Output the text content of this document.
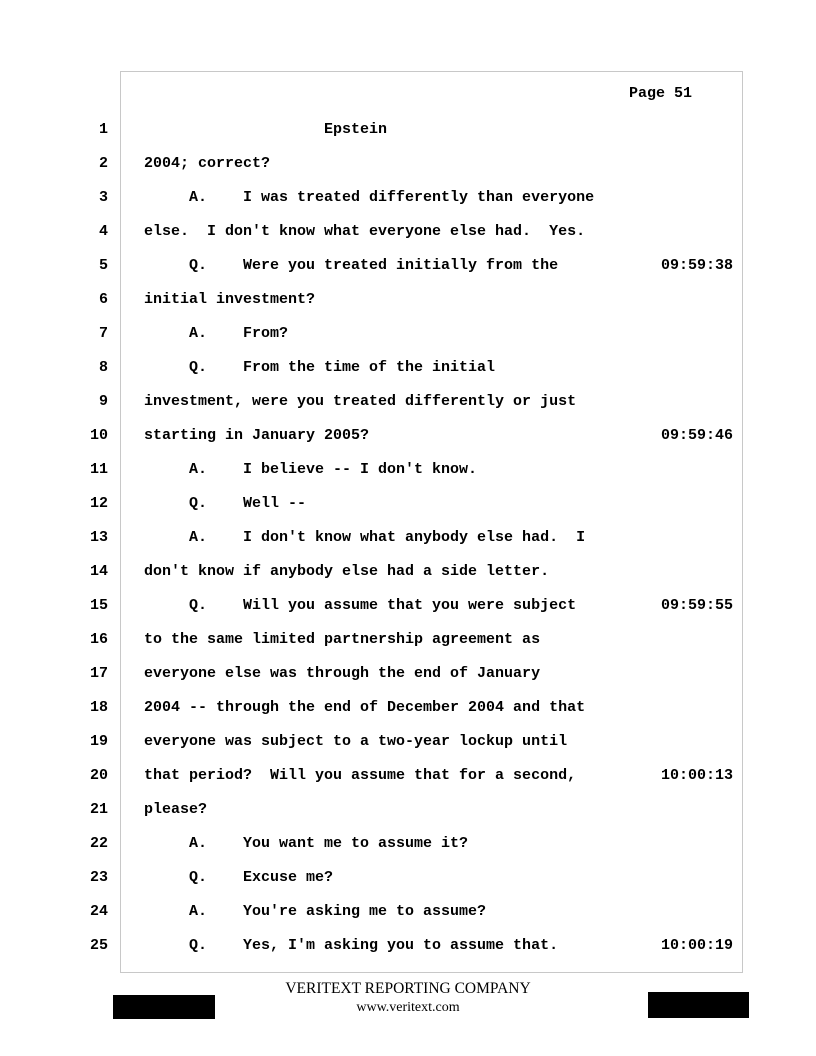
Page 51
1 Epstein
2 2004; correct?
3 A.    I was treated differently than everyone
4 else.  I don't know what everyone else had.  Yes.
5 Q.    Were you treated initially from the	09:59:38
6 initial investment?
7 A.    From?
8 Q.    From the time of the initial
9 investment, were you treated differently or just
10 starting in January 2005?	09:59:46
11 A.    I believe -- I don't know.
12 Q.    Well --
13 A.    I don't know what anybody else had.  I
14 don't know if anybody else had a side letter.
15 Q.    Will you assume that you were subject	09:59:55
16 to the same limited partnership agreement as
17 everyone else was through the end of January
18 2004 -- through the end of December 2004 and that
19 everyone was subject to a two-year lockup until
20 that period?  Will you assume that for a second,	10:00:13
21 please?
22 A.    You want me to assume it?
23 Q.    Excuse me?
24 A.    You're asking me to assume?
25 Q.    Yes, I'm asking you to assume that.	10:00:19
VERITEXT REPORTING COMPANY
www.veritext.com
